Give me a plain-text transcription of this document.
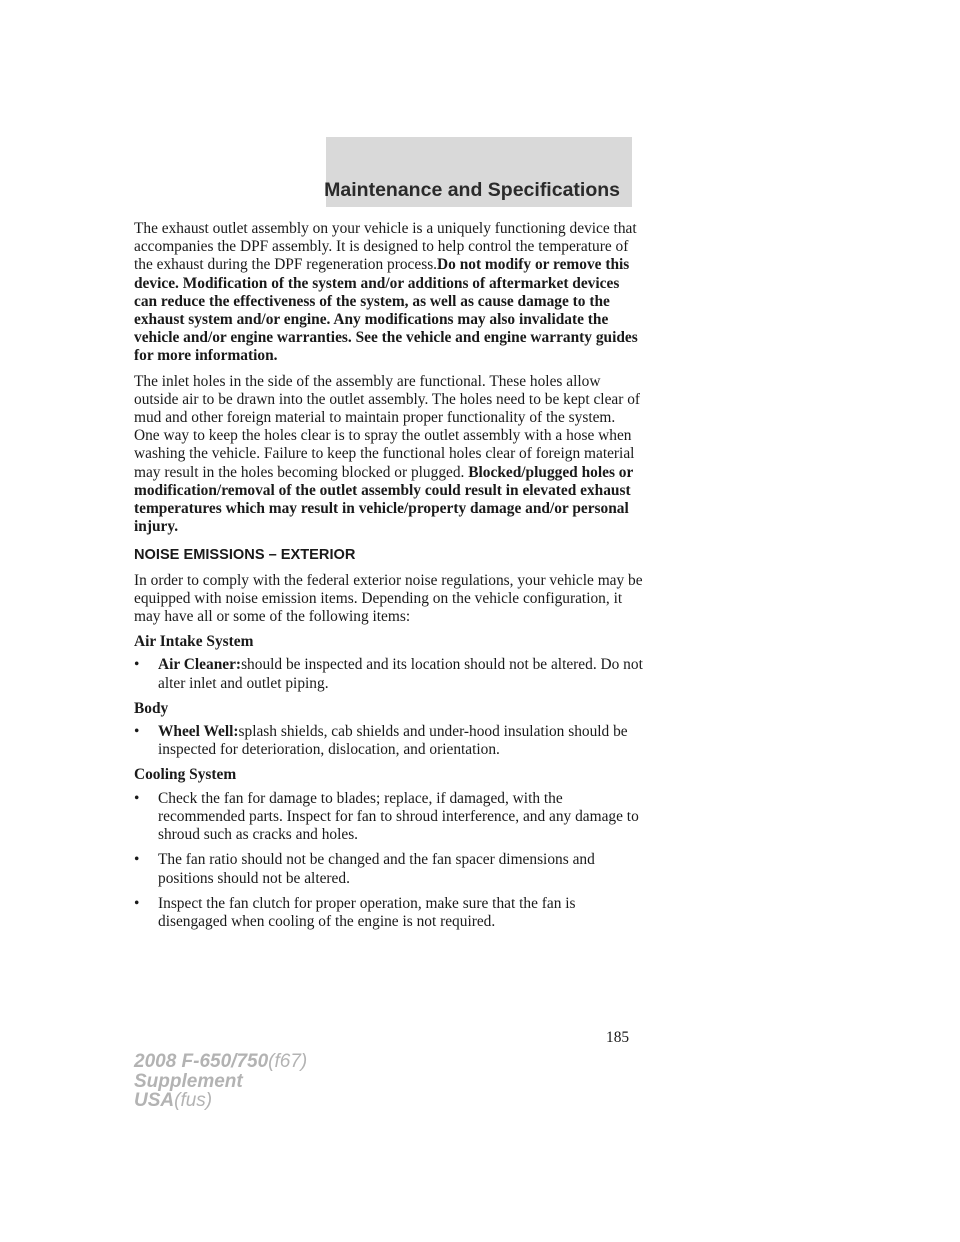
Maintenance and Specifications

The exhaust outlet assembly on your vehicle is a uniquely functioning device that accompanies the DPF assembly. It is designed to help control the temperature of the exhaust during the DPF regeneration process.Do not modify or remove this device. Modification of the system and/or additions of aftermarket devices can reduce the effectiveness of the system, as well as cause damage to the exhaust system and/or engine. Any modifications may also invalidate the vehicle and/or engine warranties. See the vehicle and engine warranty guides for more information.

The inlet holes in the side of the assembly are functional. These holes allow outside air to be drawn into the outlet assembly. The holes need to be kept clear of mud and other foreign material to maintain proper functionality of the system. One way to keep the holes clear is to spray the outlet assembly with a hose when washing the vehicle. Failure to keep the functional holes clear of foreign material may result in the holes becoming blocked or plugged. Blocked/plugged holes or modification/removal of the outlet assembly could result in elevated exhaust temperatures which may result in vehicle/property damage and/or personal injury.

NOISE EMISSIONS – EXTERIOR

In order to comply with the federal exterior noise regulations, your vehicle may be equipped with noise emission items. Depending on the vehicle configuration, it may have all or some of the following items:

Air Intake System
• Air Cleaner:should be inspected and its location should not be altered. Do not alter inlet and outlet piping.
Body
• Wheel Well:splash shields, cab shields and under-hood insulation should be inspected for deterioration, dislocation, and orientation.
Cooling System
• Check the fan for damage to blades; replace, if damaged, with the recommended parts. Inspect for fan to shroud interference, and any damage to shroud such as cracks and holes.
• The fan ratio should not be changed and the fan spacer dimensions and positions should not be altered.
• Inspect the fan clutch for proper operation, make sure that the fan is disengaged when cooling of the engine is not required.
185
2008 F-650/750(f67)
Supplement
USA(fus)
